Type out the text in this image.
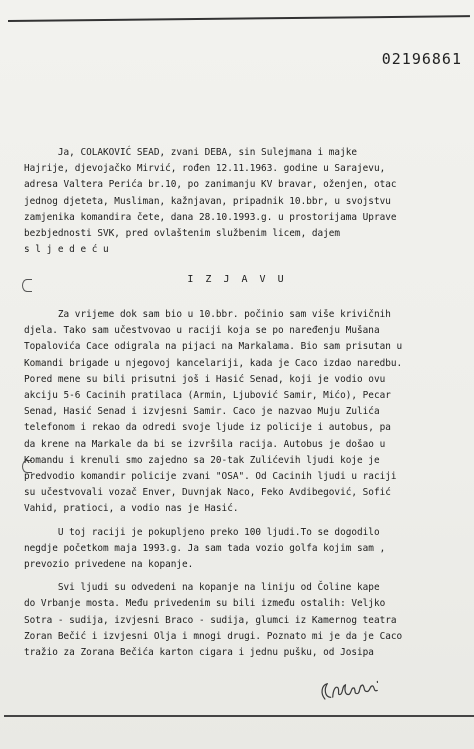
02196861
Ja, COLAKOVIĆ SEAD, zvani DEBA, sin Sulejmana i majke
Hajrije, djevojačko Mirvić, rođen 12.11.1963. godine u Sarajevu,
adresa Valtera Perića br.10, po zanimanju KV bravar, oženjen, otac
jednog djeteta, Musliman, kažnjavan, pripadnik 10.bbr, u svojstvu
zamjenika komandira čete, dana 28.10.1993.g. u prostorijama Uprave
bezbjednosti SVK, pred ovlaštenim službenim licem, dajem
s l j e d e ć u
I Z J A V U
Za vrijeme dok sam bio u 10.bbr. počinio sam više krivičnih
djela. Tako sam učestvovao u raciji koja se po naređenju Mušana
Topalovića Cace odigrala na pijaci na Markalama. Bio sam prisutan u
Komandi brigade u njegovoj kancelariji, kada je Caco izdao naredbu.
Pored mene su bili prisutni još i Hasić Senad, koji je vodio ovu
akciju 5-6 Cacinih pratilaca (Armin, Ljubović Samir, Mićo), Pecar
Senad, Hasić Senad i izvjesni Samir. Caco je nazvao Muju Zulića
telefonom i rekao da odredi svoje ljude iz policije i autobus, pa
da krene na Markale da bi se izvršila racija. Autobus je došao u
Komandu i krenuli smo zajedno sa 20-tak Zulićevih ljudi koje je
predvodio komandir policije zvani "OSA". Od Cacinih ljudi u raciji
su učestvovali vozač Enver, Duvnjak Naco, Feko Avdibegović, Sofić
Vahid, pratioci, a vodio nas je Hasić.
U toj raciji je pokupljeno preko 100 ljudi.To se dogodilo
negdje početkom maja 1993.g. Ja sam tada vozio golfa kojim sam ,
prevozio privedene na kopanje.
Svi ljudi su odvedeni na kopanje na liniju od Čoline kape
do Vrbanje mosta. Među privedenim su bili između ostalih: Veljko
Sotra - sudija, izvjesni Braco - sudija, glumci iz Kamernog teatra
Zoran Bečić i izvjesni Olja i mnogi drugi. Poznato mi je da je Caco
tražio za Zorana Bečića karton cigara i jednu pušku, od Josipa
